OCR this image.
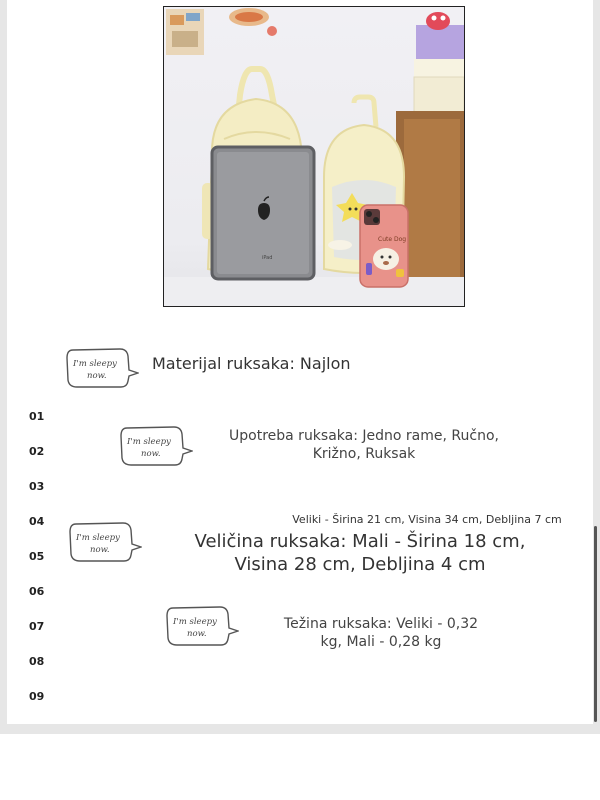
iPad
Cute Dog
I'm sleepy
now.
Materijal ruksaka: Najlon
I'm sleepy
now.
Upotreba ruksaka: Jedno rame, Ručno, Križno, Ruksak
Veliki - Širina 21 cm, Visina 34 cm, Debljina 7 cm
I'm sleepy
now.	Veličina ruksaka: Mali - Širina 18 cm, Visina 28 cm, Debljina 4 cm
I'm sleepy
now.
Težina ruksaka: Veliki - 0,32 kg, Mali - 0,28 kg
01
02
03
04
05
06
07
08
09
